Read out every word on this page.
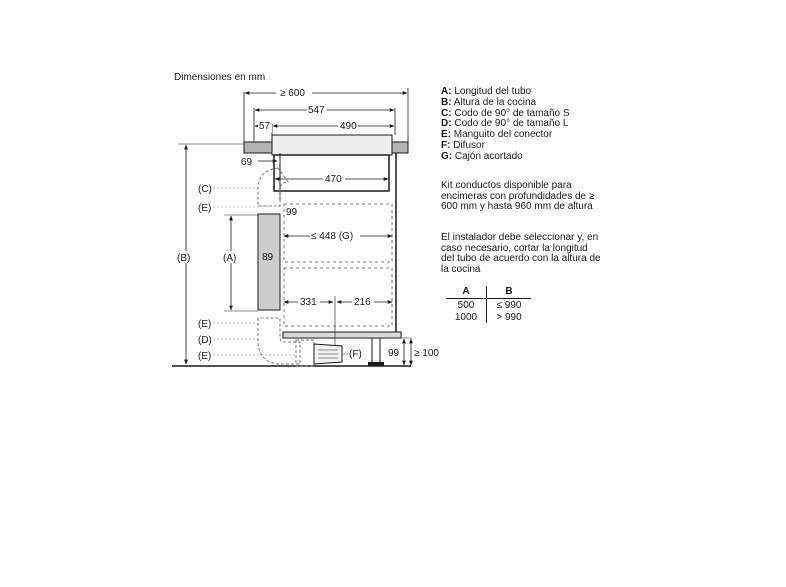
Dimensiones en mm
≥ 600
547
57	490
69
470
99
≤ 448 (G)
89
331	216
99 ≥ 100
(B)	(A)
(C)
(E)
(E)
(D)
(E)	(F)
A: Longitud del tubo
B: Altura de la cocina
C: Codo de 90° de tamaño S
D: Codo de 90° de tamaño L
E: Manguito del conector
F: Difusor
G: Cajón acortado
Kit conductos disponible para
encimeras con profundidades de ≥
600 mm y hasta 960 mm de altura
El instalador debe seleccionar y, en
caso necesario, cortar la longitud
del tubo de acuerdo con la altura de
la cocina
A	B
500	≤ 990
1000	> 990
